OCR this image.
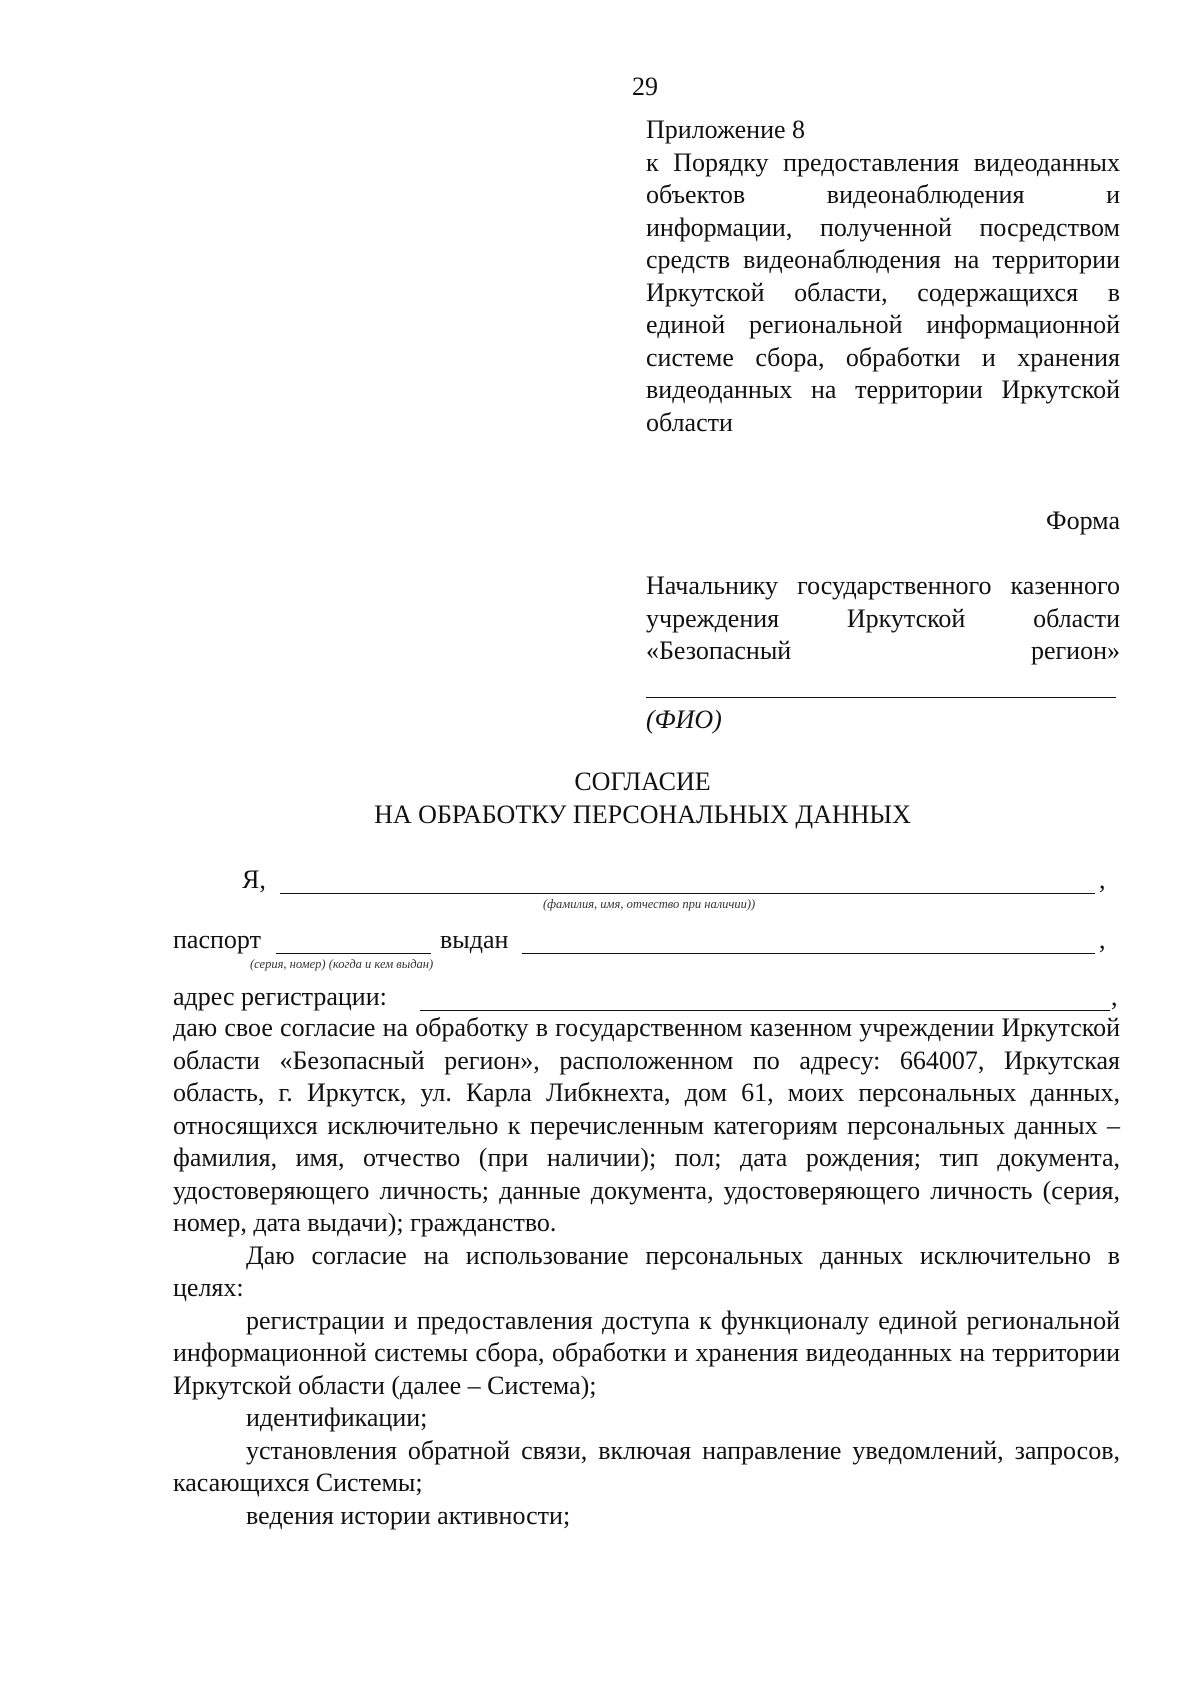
29

Приложение 8

к Порядку предоставления видеоданных объектов видеонаблюдения и информации, полученной посредством средств видеонаблюдения на территории Иркутской области, содержащихся в единой региональной информационной системе сбора, обработки и хранения видеоданных на территории Иркутской области

Форма

Начальнику государственного казенного учреждения Иркутской области «Безопасный регион»

(ФИО)

СОГЛАСИЕ

НА ОБРАБОТКУ ПЕРСОНАЛЬНЫХ ДАННЫХ

Я,	,

(фамилия, имя, отчество при наличии))

паспорт	выдан	,

(серия, номер) (когда и кем выдан)

адрес регистрации:	,

даю свое согласие на обработку в государственном казенном учреждении Иркутской области «Безопасный регион», расположенном по адресу: 664007, Иркутская область, г. Иркутск, ул. Карла Либкнехта, дом 61, моих персональных данных, относящихся исключительно к перечисленным категориям персональных данных – фамилия, имя, отчество (при наличии); пол; дата рождения; тип документа, удостоверяющего личность; данные документа, удостоверяющего личность (серия, номер, дата выдачи); гражданство.

Даю согласие на использование персональных данных исключительно в целях:

регистрации и предоставления доступа к функционалу единой региональной информационной системы сбора, обработки и хранения видеоданных на территории Иркутской области (далее – Система);

идентификации;

установления обратной связи, включая направление уведомлений, запросов, касающихся Системы;

ведения истории активности;
